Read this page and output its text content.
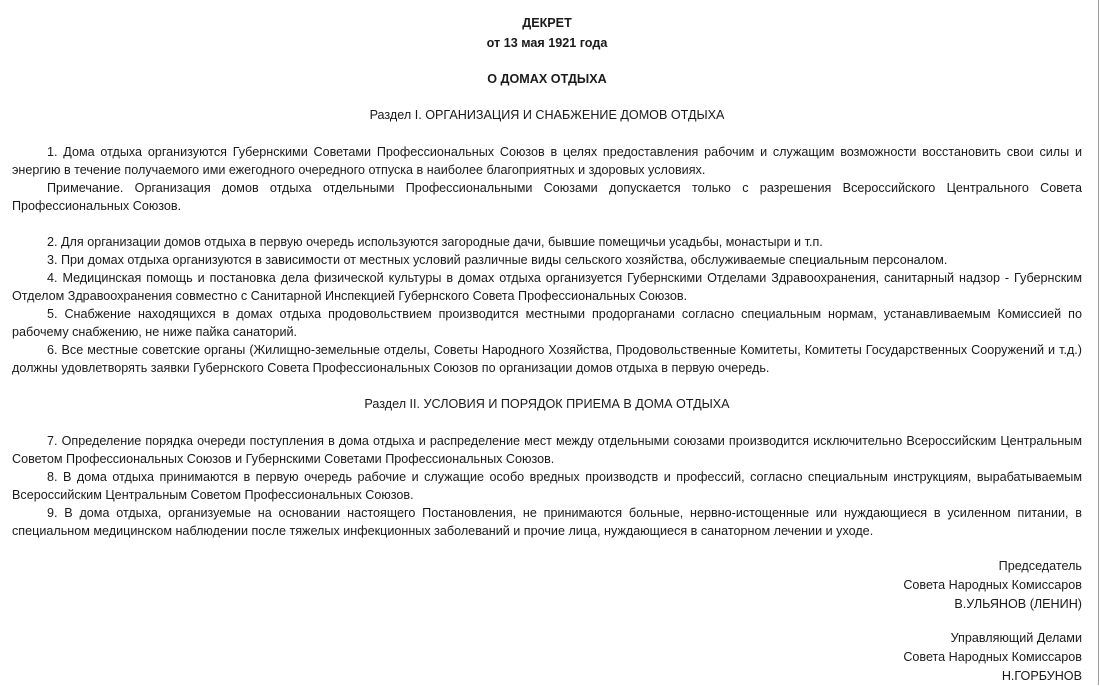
ДЕКРЕТ
от 13 мая 1921 года
О ДОМАХ ОТДЫХА
Раздел I. ОРГАНИЗАЦИЯ И СНАБЖЕНИЕ ДОМОВ ОТДЫХА
1. Дома отдыха организуются Губернскими Советами Профессиональных Союзов в целях предоставления рабочим и служащим возможности восстановить свои силы и энергию в течение получаемого ими ежегодного очередного отпуска в наиболее благоприятных и здоровых условиях.
Примечание. Организация домов отдыха отдельными Профессиональными Союзами допускается только с разрешения Всероссийского Центрального Совета Профессиональных Союзов.
2. Для организации домов отдыха в первую очередь используются загородные дачи, бывшие помещичьи усадьбы, монастыри и т.п.
3. При домах отдыха организуются в зависимости от местных условий различные виды сельского хозяйства, обслуживаемые специальным персоналом.
4. Медицинская помощь и постановка дела физической культуры в домах отдыха организуется Губернскими Отделами Здравоохранения, санитарный надзор - Губернским Отделом Здравоохранения совместно с Санитарной Инспекцией Губернского Совета Профессиональных Союзов.
5. Снабжение находящихся в домах отдыха продовольствием производится местными продорганами согласно специальным нормам, устанавливаемым Комиссией по рабочему снабжению, не ниже пайка санаторий.
6. Все местные советские органы (Жилищно-земельные отделы, Советы Народного Хозяйства, Продовольственные Комитеты, Комитеты Государственных Сооружений и т.д.) должны удовлетворять заявки Губернского Совета Профессиональных Союзов по организации домов отдыха в первую очередь.
Раздел II. УСЛОВИЯ И ПОРЯДОК ПРИЕМА В ДОМА ОТДЫХА
7. Определение порядка очереди поступления в дома отдыха и распределение мест между отдельными союзами производится исключительно Всероссийским Центральным Советом Профессиональных Союзов и Губернскими Советами Профессиональных Союзов.
8. В дома отдыха принимаются в первую очередь рабочие и служащие особо вредных производств и профессий, согласно специальным инструкциям, вырабатываемым Всероссийским Центральным Советом Профессиональных Союзов.
9. В дома отдыха, организуемые на основании настоящего Постановления, не принимаются больные, нервно-истощенные или нуждающиеся в усиленном питании, в специальном медицинском наблюдении после тяжелых инфекционных заболеваний и прочие лица, нуждающиеся в санаторном лечении и уходе.
Председатель
Совета Народных Комиссаров
В.УЛЬЯНОВ (ЛЕНИН)
Управляющий Делами
Совета Народных Комиссаров
Н.ГОРБУНОВ
